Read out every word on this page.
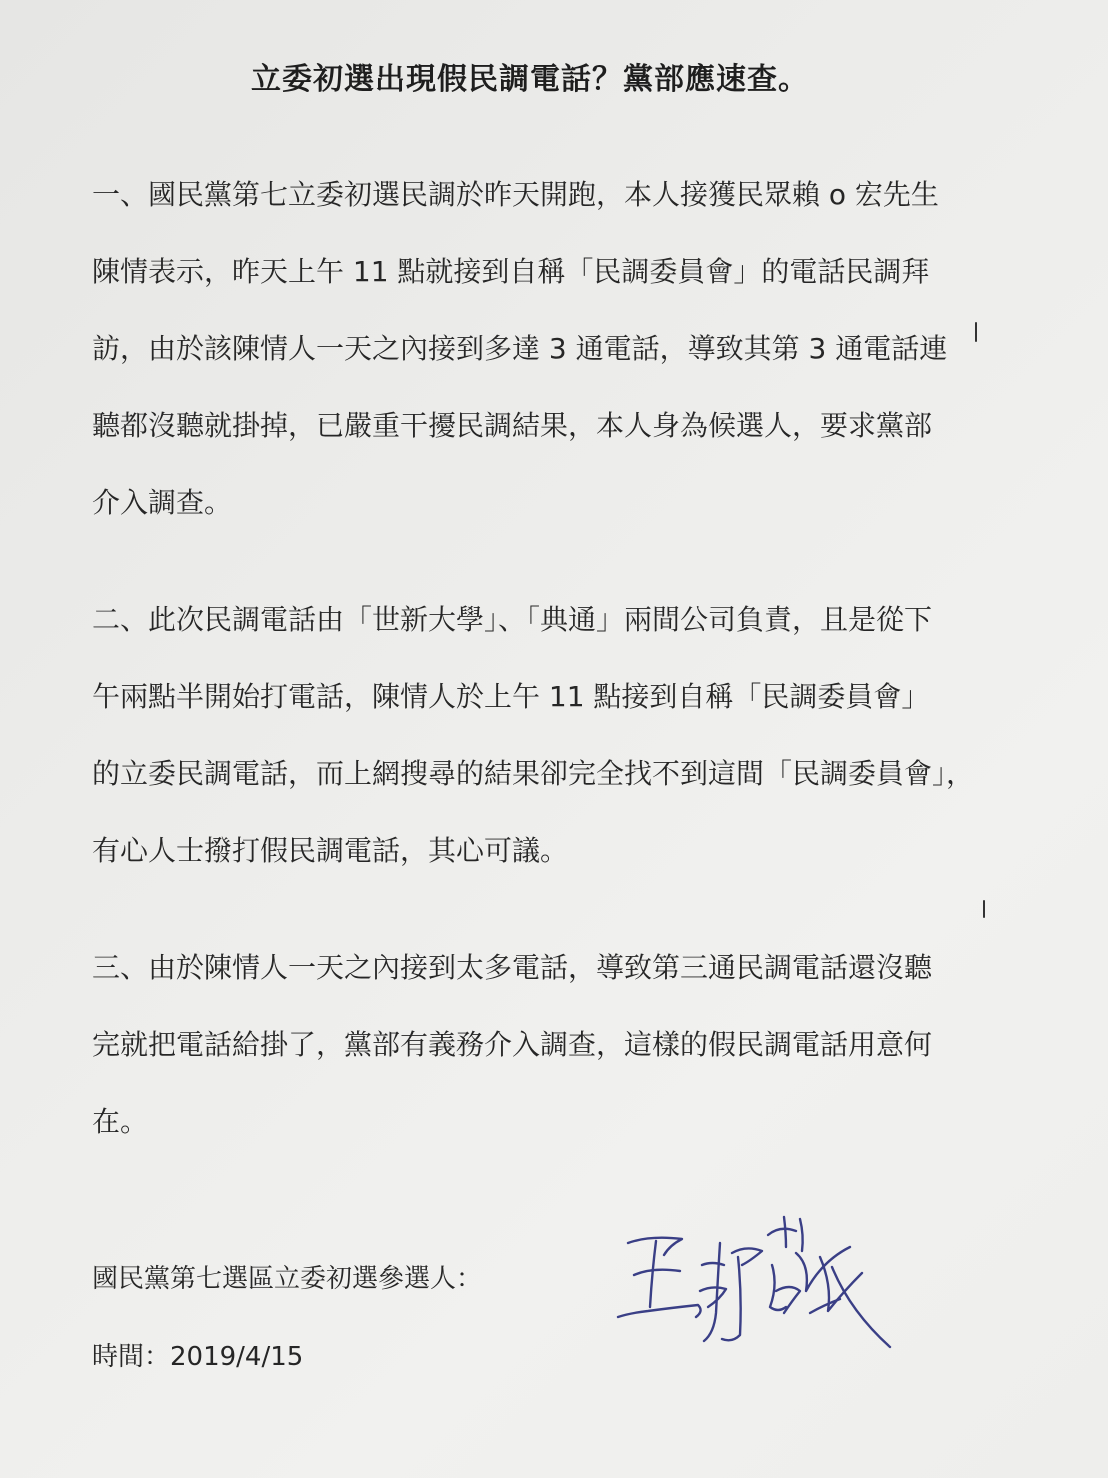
立委初選出現假民調電話？黨部應速查。
一、國民黨第七立委初選民調於昨天開跑，本人接獲民眾賴 o 宏先生
陳情表示，昨天上午 11 點就接到自稱「民調委員會」的電話民調拜
訪，由於該陳情人一天之內接到多達 3 通電話，導致其第 3 通電話連
聽都沒聽就掛掉，已嚴重干擾民調結果，本人身為候選人，要求黨部
介入調查。
二、此次民調電話由「世新大學」、「典通」兩間公司負責，且是從下
午兩點半開始打電話，陳情人於上午 11 點接到自稱「民調委員會」
的立委民調電話，而上網搜尋的結果卻完全找不到這間「民調委員會」，
有心人士撥打假民調電話，其心可議。
三、由於陳情人一天之內接到太多電話，導致第三通民調電話還沒聽
完就把電話給掛了，黨部有義務介入調查，這樣的假民調電話用意何
在。
國民黨第七選區立委初選參選人：
時間：2019/4/15
